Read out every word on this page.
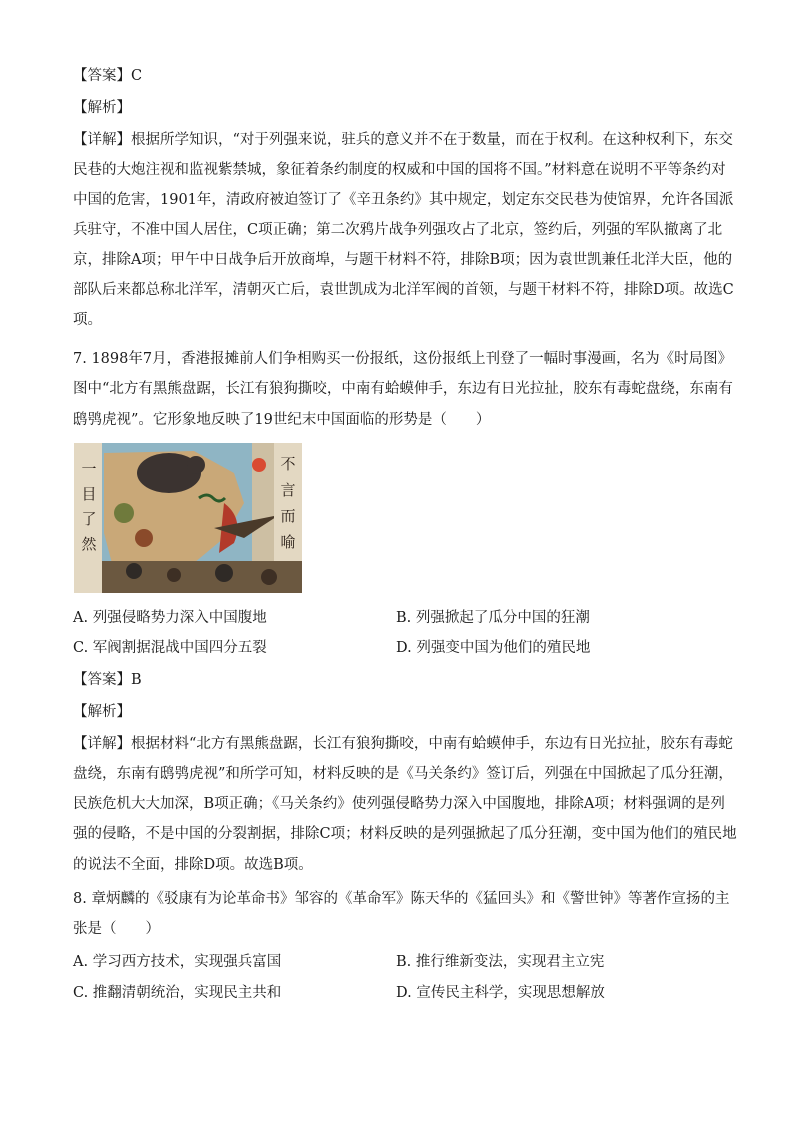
【答案】C
【解析】
【详解】根据所学知识，“对于列强来说，驻兵的意义并不在于数量，而在于权利。在这种权利下，东交
民巷的大炮注视和监视紫禁城，象征着条约制度的权威和中国的国将不国。”材料意在说明不平等条约对
中国的危害，1901年，清政府被迫签订了《辛丑条约》其中规定，划定东交民巷为使馆界，允许各国派
兵驻守，不准中国人居住，C项正确；第二次鸦片战争列强攻占了北京，签约后，列强的军队撤离了北
京，排除A项；甲午中日战争后开放商埠，与题干材料不符，排除B项；因为袁世凯兼任北洋大臣，他的
部队后来都总称北洋军，清朝灭亡后，袁世凯成为北洋军阀的首领，与题干材料不符，排除D项。故选C
项。
7. 1898年7月，香港报摊前人们争相购买一份报纸，这份报纸上刊登了一幅时事漫画，名为《时局图》
图中“北方有黑熊盘踞，长江有狼狗撕咬，中南有蛤蟆伸手，东边有日光拉扯，胶东有毒蛇盘绕，东南有
鸱鸮虎视”。它形象地反映了19世纪末中国面临的形势是（　　）
一
目
了
然
不
言
而
喻
A. 列强侵略势力深入中国腹地	B. 列强掀起了瓜分中国的狂潮
C. 军阀割据混战中国四分五裂	D. 列强变中国为他们的殖民地
【答案】B
【解析】
【详解】根据材料“北方有黑熊盘踞，长江有狼狗撕咬，中南有蛤蟆伸手，东边有日光拉扯，胶东有毒蛇
盘绕，东南有鸱鸮虎视”和所学可知，材料反映的是《马关条约》签订后，列强在中国掀起了瓜分狂潮，
民族危机大大加深，B项正确；《马关条约》使列强侵略势力深入中国腹地，排除A项；材料强调的是列
强的侵略，不是中国的分裂割据，排除C项；材料反映的是列强掀起了瓜分狂潮，变中国为他们的殖民地
的说法不全面，排除D项。故选B项。
8. 章炳麟的《驳康有为论革命书》邹容的《革命军》陈天华的《猛回头》和《警世钟》等著作宣扬的主
张是（　　）
A. 学习西方技术，实现强兵富国	B. 推行维新变法，实现君主立宪
C. 推翻清朝统治，实现民主共和	D. 宣传民主科学，实现思想解放
